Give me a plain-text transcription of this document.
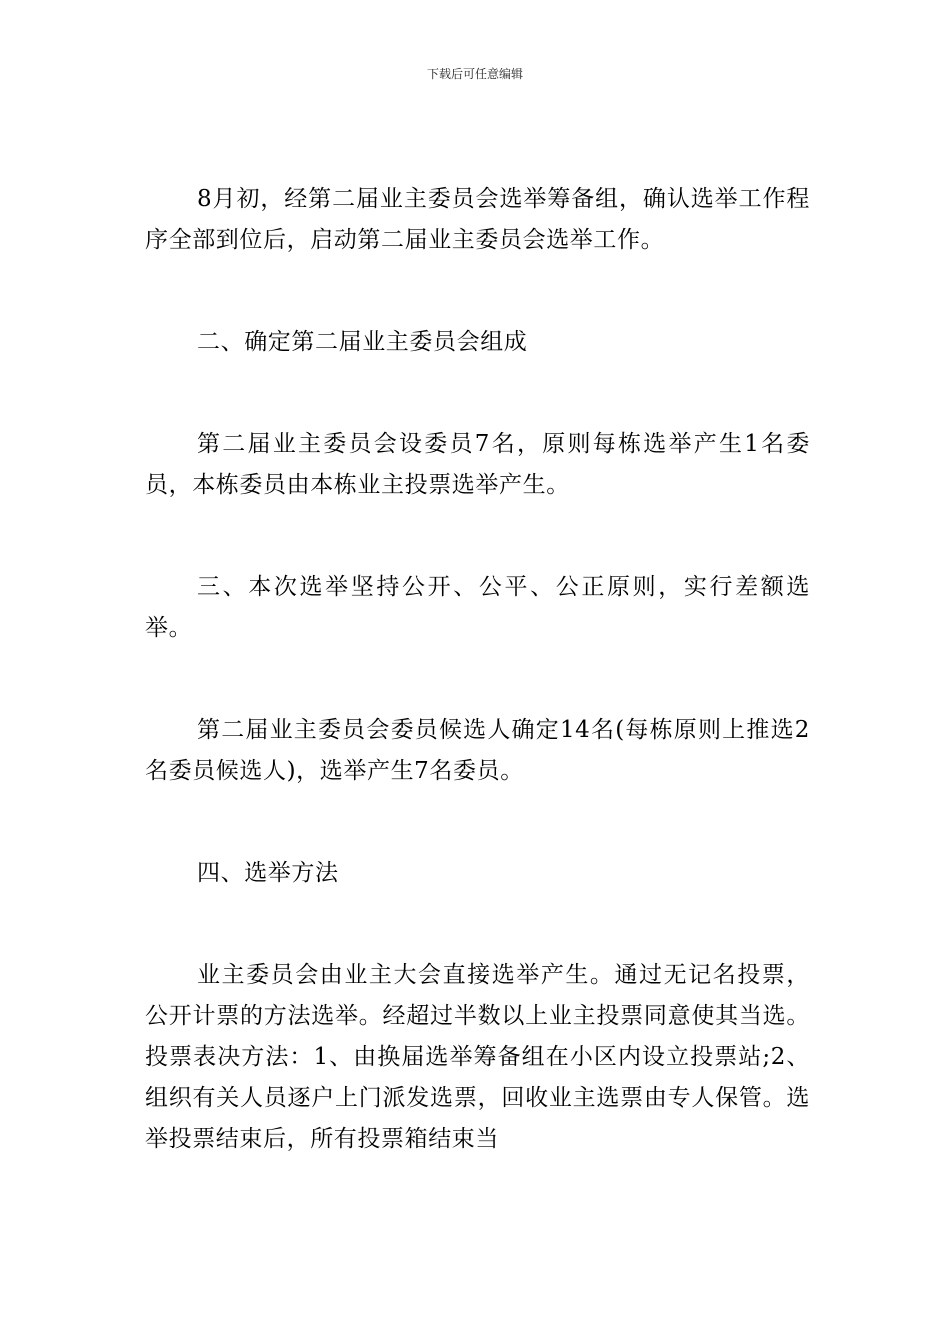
下载后可任意编辑

8月初，经第二届业主委员会选举筹备组，确认选举工作程序全部到位后，启动第二届业主委员会选举工作。

二、确定第二届业主委员会组成

第二届业主委员会设委员7名，原则每栋选举产生1名委员，本栋委员由本栋业主投票选举产生。

三、本次选举坚持公开、公平、公正原则，实行差额选举。

第二届业主委员会委员候选人确定14名(每栋原则上推选2名委员候选人)，选举产生7名委员。

四、选举方法

业主委员会由业主大会直接选举产生。通过无记名投票，公开计票的方法选举。经超过半数以上业主投票同意使其当选。投票表决方法：1、由换届选举筹备组在小区内设立投票站;2、组织有关人员逐户上门派发选票，回收业主选票由专人保管。选举投票结束后，所有投票箱结束当
